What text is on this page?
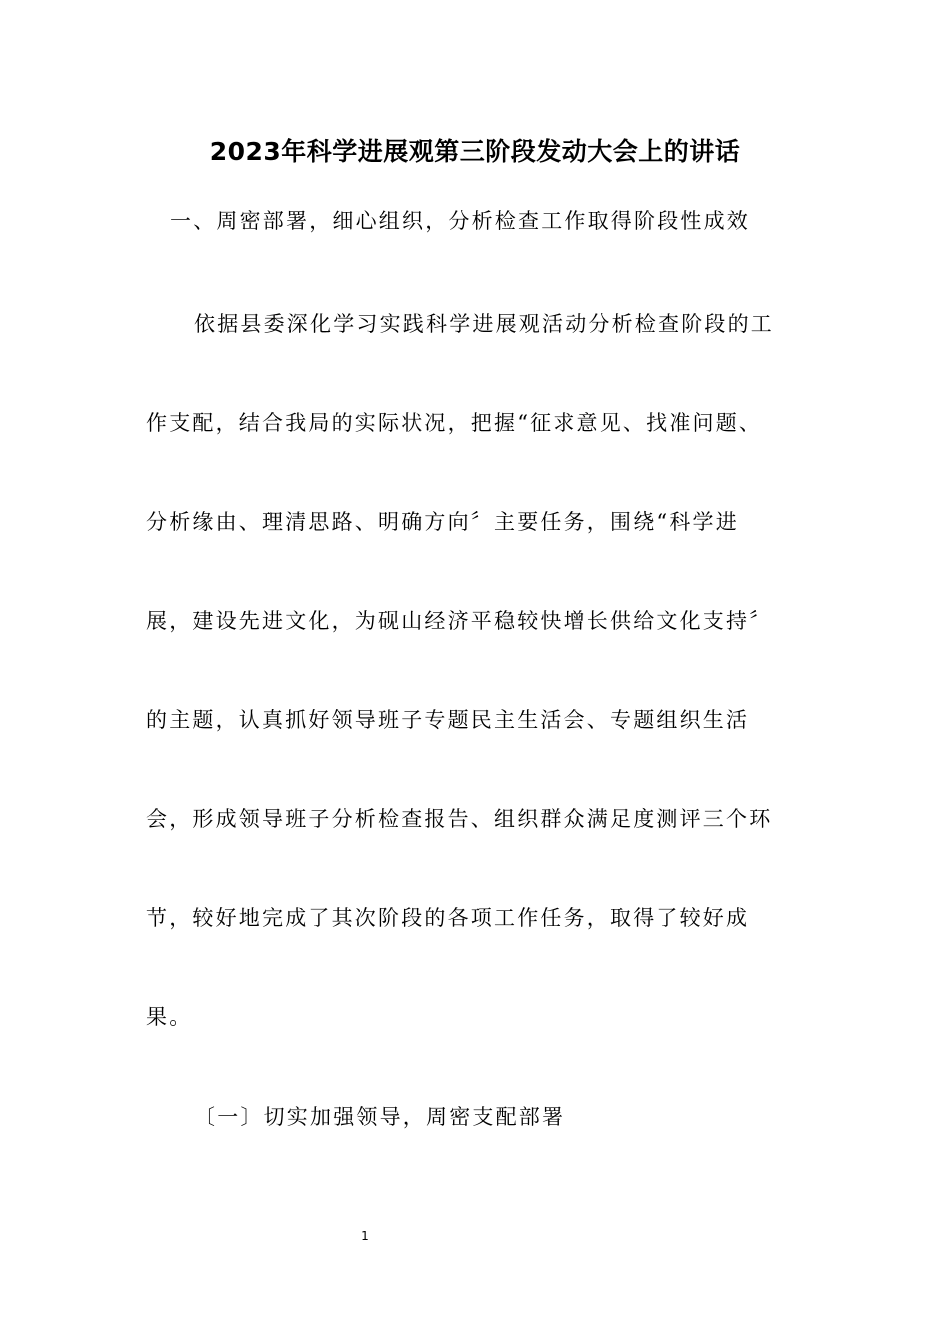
2023年科学进展观第三阶段发动大会上的讲话
一、周密部署，细心组织，分析检查工作取得阶段性成效
依据县委深化学习实践科学进展观活动分析检查阶段的工
作支配，结合我局的实际状况，把握“征求意见、找准问题、
分析缘由、理清思路、明确方向〞主要任务，围绕“科学进
展，建设先进文化，为砚山经济平稳较快增长供给文化支持〞
的主题，认真抓好领导班子专题民主生活会、专题组织生活
会，形成领导班子分析检查报告、组织群众满足度测评三个环
节，较好地完成了其次阶段的各项工作任务，取得了较好成
果。
〔一〕切实加强领导，周密支配部署
1
